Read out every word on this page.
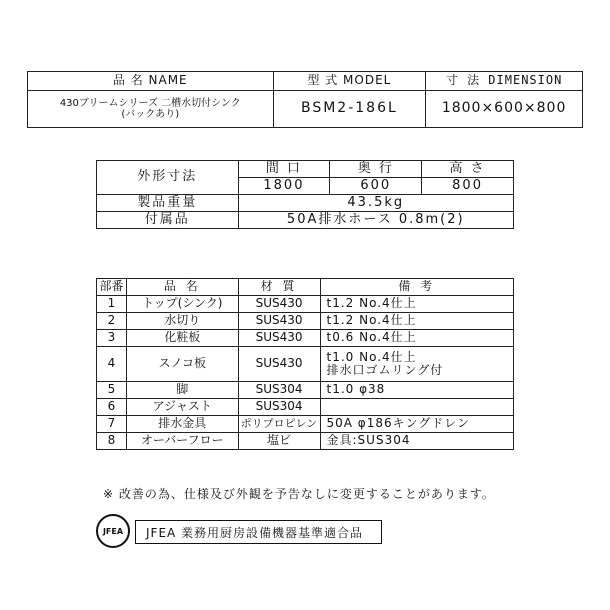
品 名 NAME	型 式 MODEL	寸 法 DIMENSION

430ブリームシリーズ 二槽水切付シンク
(バックあり)	BSM2-186L	1800×600×800
外形寸法	間 口	奥 行	高 さ
	1800	600	800
製品重量	43.5kg		
付属品	50A排水ホース 0.8m(2)		
部番	品 名	材 質	備 考
1	トップ(シンク)	SUS430	t1.2 No.4仕上
2	水切り	SUS430	t1.2 No.4仕上
3	化粧板	SUS430	t0.6 No.4仕上
4	スノコ板	SUS430	t1.0 No.4仕上
排水口ゴムリング付

5	脚	SUS304	t1.0 φ38
6	アジャスト	SUS304	
7	排水金具	ポリプロピレン	50A φ186キングドレン
8	オーバーフロー	塩ビ	金具:SUS304
※ 改善の為、仕様及び外観を予告なしに変更することがあります。
JFEA	JFEA 業務用厨房設備機器基準適合品
